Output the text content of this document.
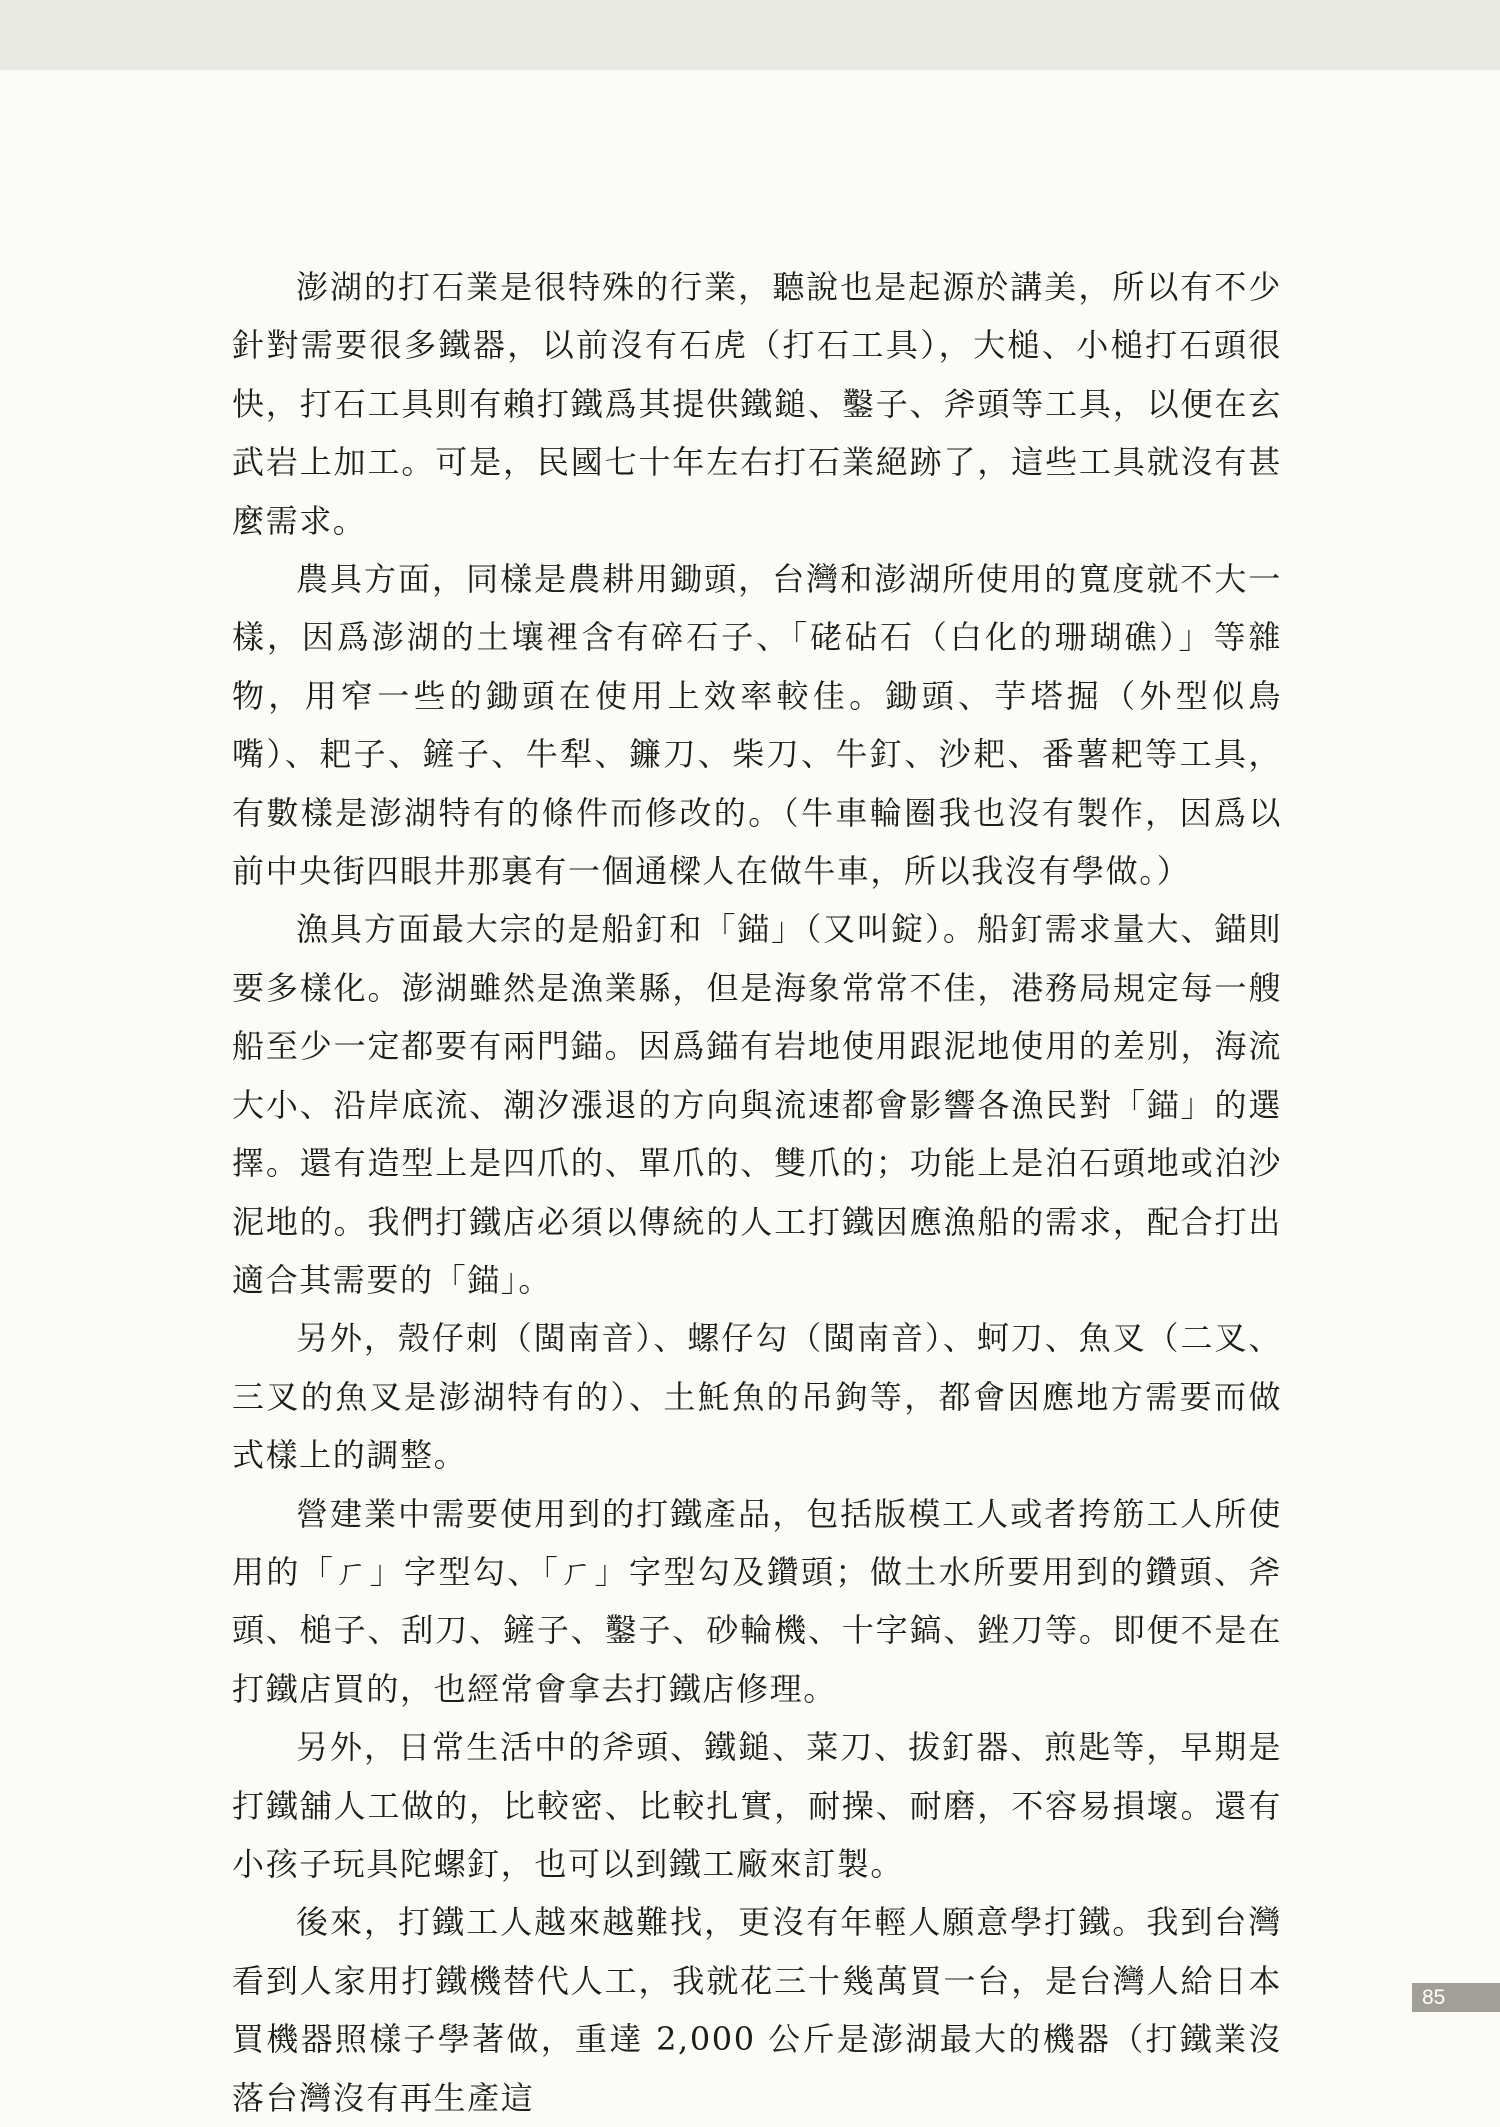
澎湖的打石業是很特殊的行業，聽說也是起源於講美，所以有不少針對需要很多鐵器，以前沒有石虎（打石工具），大槌、小槌打石頭很快，打石工具則有賴打鐵爲其提供鐵鎚、鑿子、斧頭等工具，以便在玄武岩上加工。可是，民國七十年左右打石業絕跡了，這些工具就沒有甚麼需求。

農具方面，同樣是農耕用鋤頭，台灣和澎湖所使用的寬度就不大一樣，因爲澎湖的土壤裡含有碎石子、「硓砧石（白化的珊瑚礁）」等雜物，用窄一些的鋤頭在使用上效率較佳。鋤頭、芋塔掘（外型似鳥嘴）、耙子、鏟子、牛犁、鐮刀、柴刀、牛釘、沙耙、番薯耙等工具，有數樣是澎湖特有的條件而修改的。（牛車輪圈我也沒有製作，因爲以前中央街四眼井那裏有一個通樑人在做牛車，所以我沒有學做。）

漁具方面最大宗的是船釘和「錨」（又叫錠）。船釘需求量大、錨則要多樣化。澎湖雖然是漁業縣，但是海象常常不佳，港務局規定每一艘船至少一定都要有兩門錨。因爲錨有岩地使用跟泥地使用的差別，海流大小、沿岸底流、潮汐漲退的方向與流速都會影響各漁民對「錨」的選擇。還有造型上是四爪的、單爪的、雙爪的；功能上是泊石頭地或泊沙泥地的。我們打鐵店必須以傳統的人工打鐵因應漁船的需求，配合打出適合其需要的「錨」。

另外，殼仔刺（閩南音）、螺仔勾（閩南音）、蚵刀、魚叉（二叉、三叉的魚叉是澎湖特有的）、土魠魚的吊鉤等，都會因應地方需要而做式樣上的調整。

營建業中需要使用到的打鐵產品，包括版模工人或者挎筋工人所使用的「ㄏ」字型勾、「ㄏ」字型勾及鑽頭；做土水所要用到的鑽頭、斧頭、槌子、刮刀、鏟子、鑿子、砂輪機、十字鎬、銼刀等。即便不是在打鐵店買的，也經常會拿去打鐵店修理。

另外，日常生活中的斧頭、鐵鎚、菜刀、拔釘器、煎匙等，早期是打鐵舖人工做的，比較密、比較扎實，耐操、耐磨，不容易損壞。還有小孩子玩具陀螺釘，也可以到鐵工廠來訂製。

後來，打鐵工人越來越難找，更沒有年輕人願意學打鐵。我到台灣看到人家用打鐵機替代人工，我就花三十幾萬買一台，是台灣人給日本買機器照樣子學著做，重達 2,000 公斤是澎湖最大的機器（打鐵業沒落台灣沒有再生產這

85
